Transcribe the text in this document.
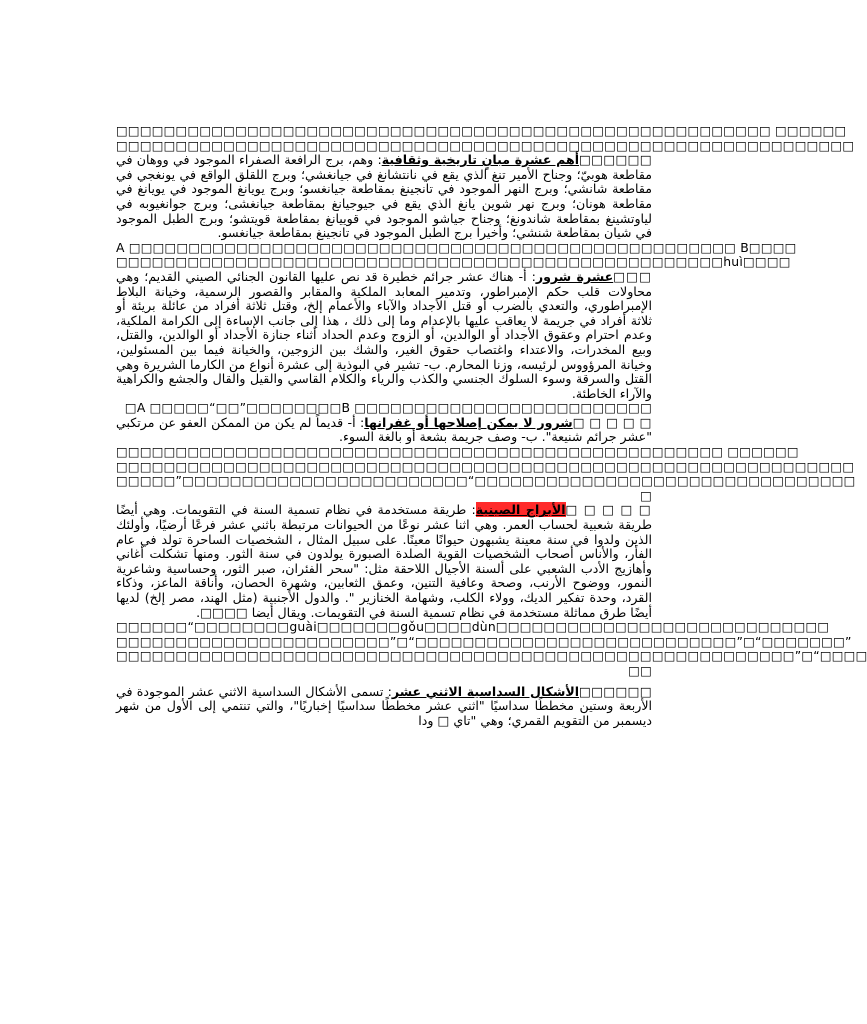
□□□□□□□□□□□□□□□□□□□□□□□□□□□□□□□□□□□□□□□□□□□□□□□□□□□□□□□ □□□□□□
□□□□□□□□□□□□□□□□□□□□□□□□□□□□□□□□□□□□□□□□□□□□□□□□□□□□□□□□□□□□□□
□□□□□□أهم عشرة مبانٍ تاريخية وثقافية: وهم، برج الرافعة الصفراء الموجود في ووهان في مقاطعة هوبيّ؛ وجناح الأمير تنغ الذي يقع في نانتشانغ في جيانغشي؛ وبرج اللقلق الواقع في يونغجي في مقاطعة شانشي؛ وبرج النهر الموجود في تانجينغ بمقاطعة جيانغسو؛ وبرج يويانغ الموجود في يويانغ في مقاطعة هونان؛ وبرج نهر شوين يانغ الذي يقع في جيوجيانغ بمقاطعة جيانغشى؛ وبرج جوانغيوبه في لياوتشينغ بمقاطعة شاندونغ؛ وجناح جياشو الموجود في قوييانغ بمقاطعة قويتشو؛ وبرج الطبل الموجود في شيان بمقاطعة شنشي؛ وأخيرا برج الطبل الموجود في تانجينغ بمقاطعة جيانغسو.
A □□□□□□□□□□□□□□□□□□□□□□□□□□□□□□□□□□□□□□□□□□□□□□□□□□□ B□□□□
□□□□□□□□□□□□□□□□□□□□□□□□□□□□□□□□□□□□□□□□□□□□□□□□□□□huì□□□□
□□□عشرة شرور: أ- هناك عشر جرائم خطيرة قد نص عليها القانون الجنائي الصيني القديم؛ وهي محاولات قلب حكم الإمبراطور، وتدمير المعابد الملكية والمقابر والقصور الرسمية، وخيانة البلاط الإمبراطوري، والتعدي بالضرب أو قتل الأجداد والآباء والأعمام إلخ، وقتل ثلاثة أفراد من عائلة بريئة أو ثلاثة أفراد في جريمة لا يعاقب عليها بالإعدام وما إلى ذلك ، هذا إلى جانب الإساءة إلى الكرامة الملكية، وعدم احترام وعقوق الأجداد أو الوالدين، أو الزوج وعدم الحداد أثناء جنازة الأجداد أو الوالدين، والقتل، وبيع المخدرات، والاعتداء واغتصاب حقوق الغير، والشك بين الزوجين، والخيانة فيما بين المسئولين، وخيانة المرؤووس لرئيسه، وزنا المحارم. ب- تشير في البوذية إلى عشرة أنواع من الكارما الشريرة وهي القتل والسرقة وسوء السلوك الجنسي والكذب والرياء والكلام القاسي والقيل والقال والجشع والكراهية والآراء الخاطئة.
□A □□□□□“□□”□□□□□□□□B □□□□□□□□□□□□□□□□□□□□□□□□□
□ □ □ □ □شرور لا يمكن إصلاحها أو غفرانها: أ- قديماً لم يكن من الممكن العفو عن مرتكبي "عشر جرائم شنيعة". ب- وصف جريمة بشعة أو بالغة السوء.
□□□□□□□□□□□□□□□□□□□□□□□□□□□□□□□□□□□□□□□□□□□□□□□□□□□ □□□□□□
□□□□□□□□□□□□□□□□□□□□□□□□□□□□□□□□□□□□□□□□□□□□□□□□□□□□□□□□□□□□□□
□□□□□”□□□□□□□□□□□□□□□□□□□□□□□□“□□□□□□□□□□□□□□□□□□□□□□□□□□□□□□□□
□
□ □ □ □ □الأبراج الصينية: طريقة مستخدمة في نظام تسمية السنة في التقويمات. وهي أيضًا طريقة شعبية لحساب العمر. وهي اثنا عشر نوعًا من الحيوانات مرتبطة باثني عشر فرعًا أرضيًا، وأولئك الذين ولدوا في سنة معينة يشبهون حيوانًا معينًا. على سبيل المثال ، الشخصيات الساحرة تولد في عام الفأر، والأناس أصحاب الشخصيات القوية الصلدة الصبورة يولدون في سنة الثور. ومنها تشكلت أغاني وأهازيج الأدب الشعبي على ألسنة الأجيال اللاحقة مثل: "سحر الفئران، صبر الثور، وحساسية وشاعرية النمور، ووضوح الأرنب، وصحة وعافية التنين، وعمق الثعابين، وشهرة الحصان، وأناقة الماعز، وذكاء القرد، وحدة تفكير الديك، وولاء الكلب، وشهامة الخنازير ". والدول الأجنبية (مثل الهند، مصر إلخ) لديها أيضًا طرق مماثلة مستخدمة في نظام تسمية السنة في التقويمات. ويقال أيضا □□□□.
□□□□□□“□□□□□□□□guài□□□□□□□gǒu□□□□dùn□□□□□□□□□□□□□□□□□□□□□□□□□□□□
□□□□□□□□□□□□□□□□□□□□□□□”□“□□□□□□□□□□□□□□□□□□□□□□□□□□□”□“□□□□□□□”
□□□□□□□□□□□□□□□□□□□□□□□□□□□□□□□□□□□□□□□□□□□□□□□□□□□□□□□□□”□“□□□□
□□
□□□□□□الأشكال السداسية الاثني عشر: تسمى الأشكال السداسية الاثني عشر الموجودة في الأربعة وستين مخططًا سداسيًا "اثني عشر مخططًا سداسيًا إخباريًا"، والتي تنتمي إلى الأول من شهر ديسمبر من التقويم القمري؛ وهي "تاي □ ودا
